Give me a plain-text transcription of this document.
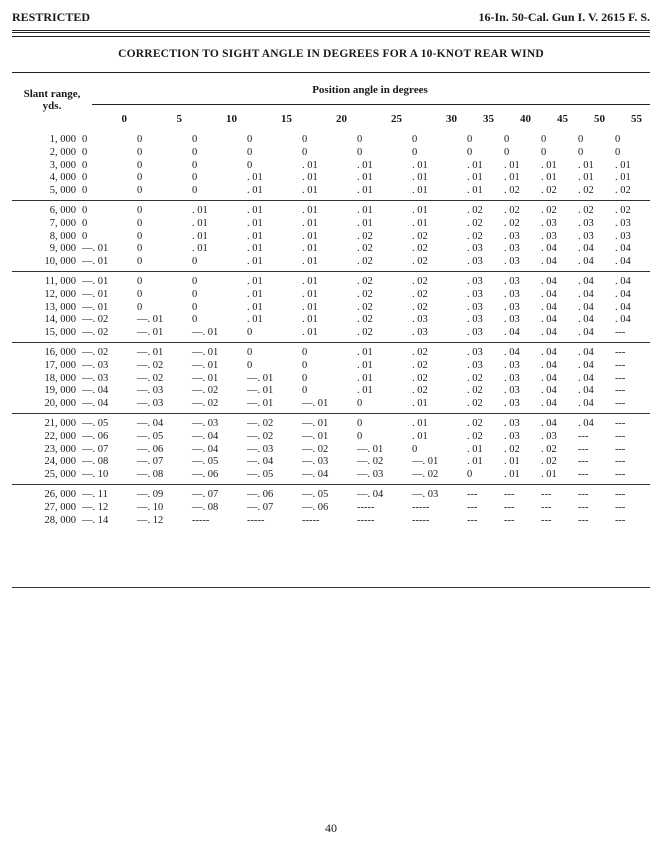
RESTRICTED	16-In. 50-Cal. Gun I. V. 2615 F. S.
CORRECTION TO SIGHT ANGLE IN DEGREES FOR A 10-KNOT REAR WIND
Slant range,
yds.
Position angle in degrees
	0	5	10	15	20	25	30	35	40	45	50	55
1, 000	0	0	0	0	0	0	0	0	0	0	0	0
2, 000	0	0	0	0	0	0	0	0	0	0	0	0
3, 000	0	0	0	0	. 01	. 01	. 01	. 01	. 01	. 01	. 01	. 01
4, 000	0	0	0	. 01	. 01	. 01	. 01	. 01	. 01	. 01	. 01	. 01
5, 000	0	0	0	. 01	. 01	. 01	. 01	. 01	. 02	. 02	. 02	. 02
6, 000	0	0	. 01	. 01	. 01	. 01	. 01	. 02	. 02	. 02	. 02	. 02
7, 000	0	0	. 01	. 01	. 01	. 01	. 01	. 02	. 02	. 03	. 03	. 03
8, 000	0	0	. 01	. 01	. 01	. 02	. 02	. 02	. 03	. 03	. 03	. 03
9, 000	—. 01	0	. 01	. 01	. 01	. 02	. 02	. 03	. 03	. 04	. 04	. 04
10, 000	—. 01	0	0	. 01	. 01	. 02	. 02	. 03	. 03	. 04	. 04	. 04
11, 000	—. 01	0	0	. 01	. 01	. 02	. 02	. 03	. 03	. 04	. 04	. 04
12, 000	—. 01	0	0	. 01	. 01	. 02	. 02	. 03	. 03	. 04	. 04	. 04
13, 000	—. 01	0	0	. 01	. 01	. 02	. 02	. 03	. 03	. 04	. 04	. 04
14, 000	—. 02	—. 01	0	. 01	. 01	. 02	. 03	. 03	. 03	. 04	. 04	. 04
15, 000	—. 02	—. 01	—. 01	0	. 01	. 02	. 03	. 03	. 04	. 04	. 04	---
16, 000	—. 02	—. 01	—. 01	0	0	. 01	. 02	. 03	. 04	. 04	. 04	---
17, 000	—. 03	—. 02	—. 01	0	0	. 01	. 02	. 03	. 03	. 04	. 04	---
18, 000	—. 03	—. 02	—. 01	—. 01	0	. 01	. 02	. 02	. 03	. 04	. 04	---
19, 000	—. 04	—. 03	—. 02	—. 01	0	. 01	. 02	. 02	. 03	. 04	. 04	---
20, 000	—. 04	—. 03	—. 02	—. 01	—. 01	0	. 01	. 02	. 03	. 04	. 04	---
21, 000	—. 05	—. 04	—. 03	—. 02	—. 01	0	. 01	. 02	. 03	. 04	. 04	---
22, 000	—. 06	—. 05	—. 04	—. 02	—. 01	0	. 01	. 02	. 03	. 03	---	---
23, 000	—. 07	—. 06	—. 04	—. 03	—. 02	—. 01	0	. 01	. 02	. 02	---	---
24, 000	—. 08	—. 07	—. 05	—. 04	—. 03	—. 02	—. 01	. 01	. 01	. 02	---	---
25, 000	—. 10	—. 08	—. 06	—. 05	—. 04	—. 03	—. 02	0	. 01	. 01	---	---
26, 000	—. 11	—. 09	—. 07	—. 06	—. 05	—. 04	—. 03	---	---	---	---	---
27, 000	—. 12	—. 10	—. 08	—. 07	—. 06	-----	-----	---	---	---	---	---
28, 000	—. 14	—. 12	-----	-----	-----	-----	-----	---	---	---	---	---
40
